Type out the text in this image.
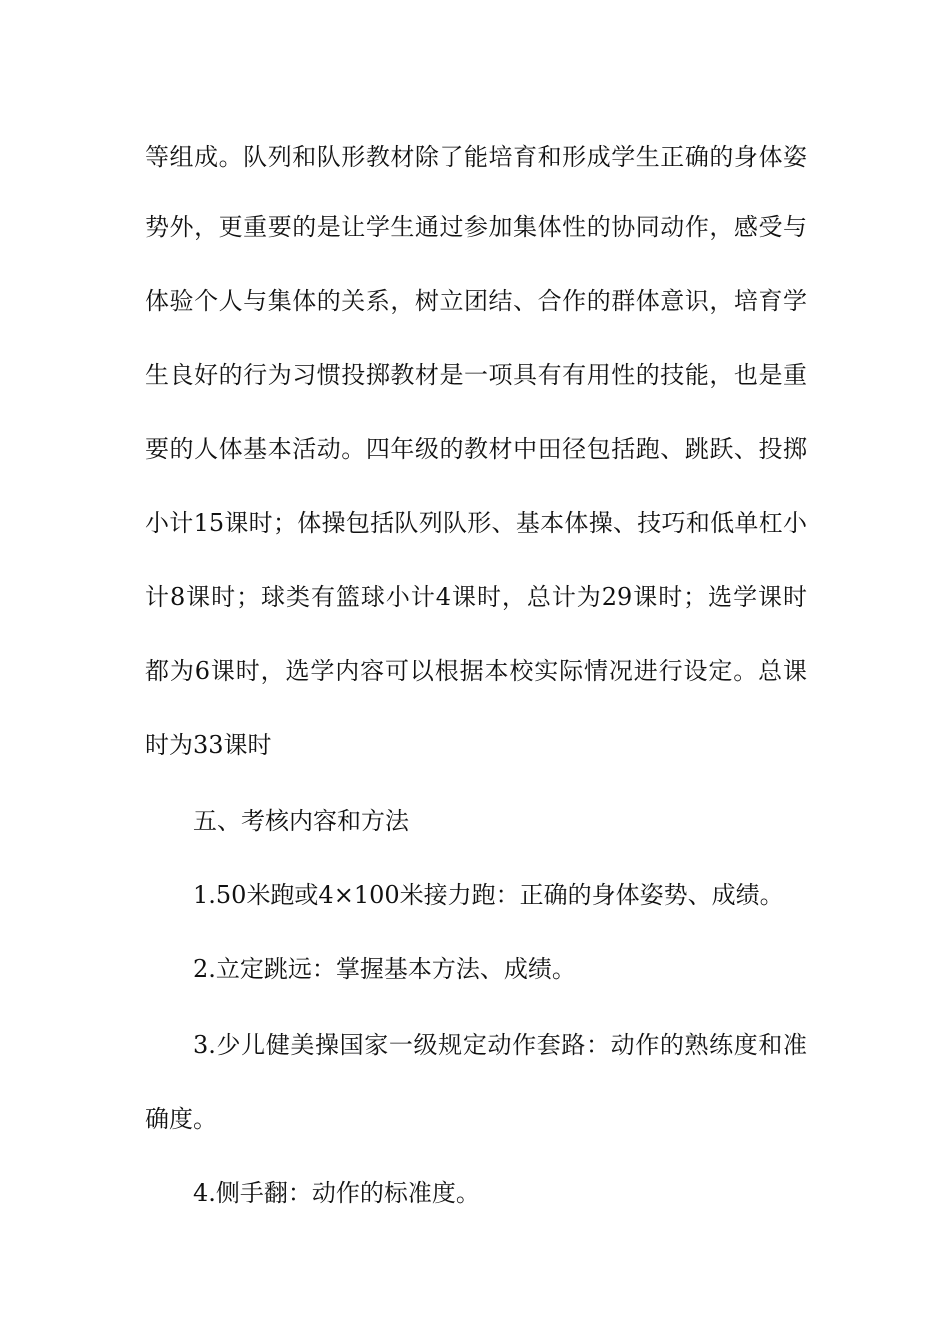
等组成。队列和队形教材除了能培育和形成学生正确的身体姿
势外，更重要的是让学生通过参加集体性的协同动作，感受与
体验个人与集体的关系，树立团结、合作的群体意识，培育学
生良好的行为习惯投掷教材是一项具有有用性的技能，也是重
要的人体基本活动。四年级的教材中田径包括跑、跳跃、投掷
小计15课时；体操包括队列队形、基本体操、技巧和低单杠小
计8课时；球类有篮球小计4课时，总计为29课时；选学课时
都为6课时，选学内容可以根据本校实际情况进行设定。总课
时为33课时
五、考核内容和方法
1.50米跑或4×100米接力跑：正确的身体姿势、成绩。
2.立定跳远：掌握基本方法、成绩。
3.少儿健美操国家一级规定动作套路：动作的熟练度和准
确度。
4.侧手翻：动作的标准度。
